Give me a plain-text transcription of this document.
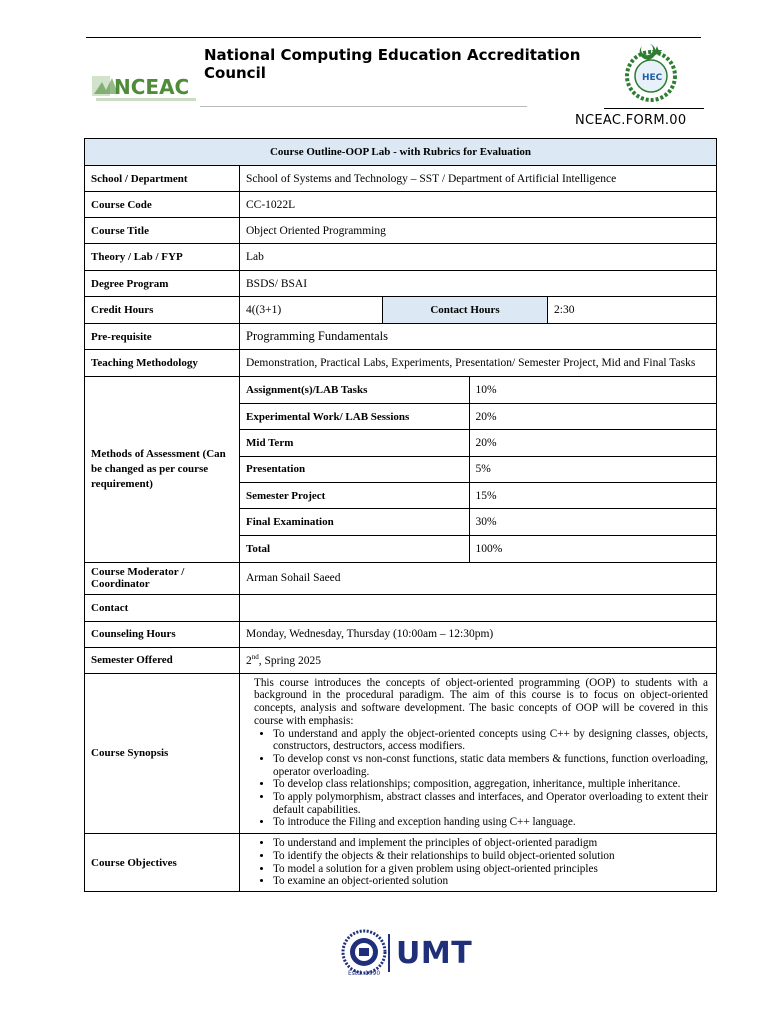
NCEAC
National Computing Education Accreditation Council	HEC
NCEAC.FORM.00
Course Outline-OOP Lab - with Rubrics for Evaluation
School / Department	School of Systems and Technology – SST / Department of Artificial Intelligence
Course Code	CC-1022L
Course Title	Object Oriented Programming
Theory / Lab / FYP	Lab
Degree Program	BSDS/ BSAI
Credit Hours	4((3+1)	Contact Hours	2:30
Pre-requisite	Programming Fundamentals
Teaching Methodology	Demonstration, Practical Labs, Experiments, Presentation/ Semester Project, Mid and Final Tasks
Methods of Assessment (Can be changed as per course requirement)	
Assignment(s)/LAB Tasks	10%
Experimental Work/ LAB Sessions	20%
Mid Term	20%
Presentation	5%
Semester Project	15%
Final Examination	30%
Total	100%

Course Moderator / Coordinator	Arman Sohail Saeed
Contact	
Counseling Hours	Monday, Wednesday, Thursday (10:00am – 12:30pm)
Semester Offered	2nd, Spring 2025
Course Synopsis	
This course introduces the concepts of object-oriented programming (OOP) to students with a background in the procedural paradigm. The aim of this course is to focus on object-oriented concepts, analysis and software development. The basic concepts of OOP will be covered in this course with emphasis:
• To understand and apply the object-oriented concepts using C++ by designing classes, objects, constructors, destructors, access modifiers.
• To develop const vs non-const functions, static data members & functions, function overloading, operator overloading.
• To develop class relationships; composition, aggregation, inheritance, multiple inheritance.
• To apply polymorphism, abstract classes and interfaces, and Operator overloading to extent their default capabilities.
• To introduce the Filing and exception handing using C++ language.

Course Objectives	
• To understand and implement the principles of object-oriented paradigm
• To identify the objects & their relationships to build object-oriented solution
• To model a solution for a given problem using object-oriented principles
• To examine an object-oriented solution
UMT
Estd. 1990
